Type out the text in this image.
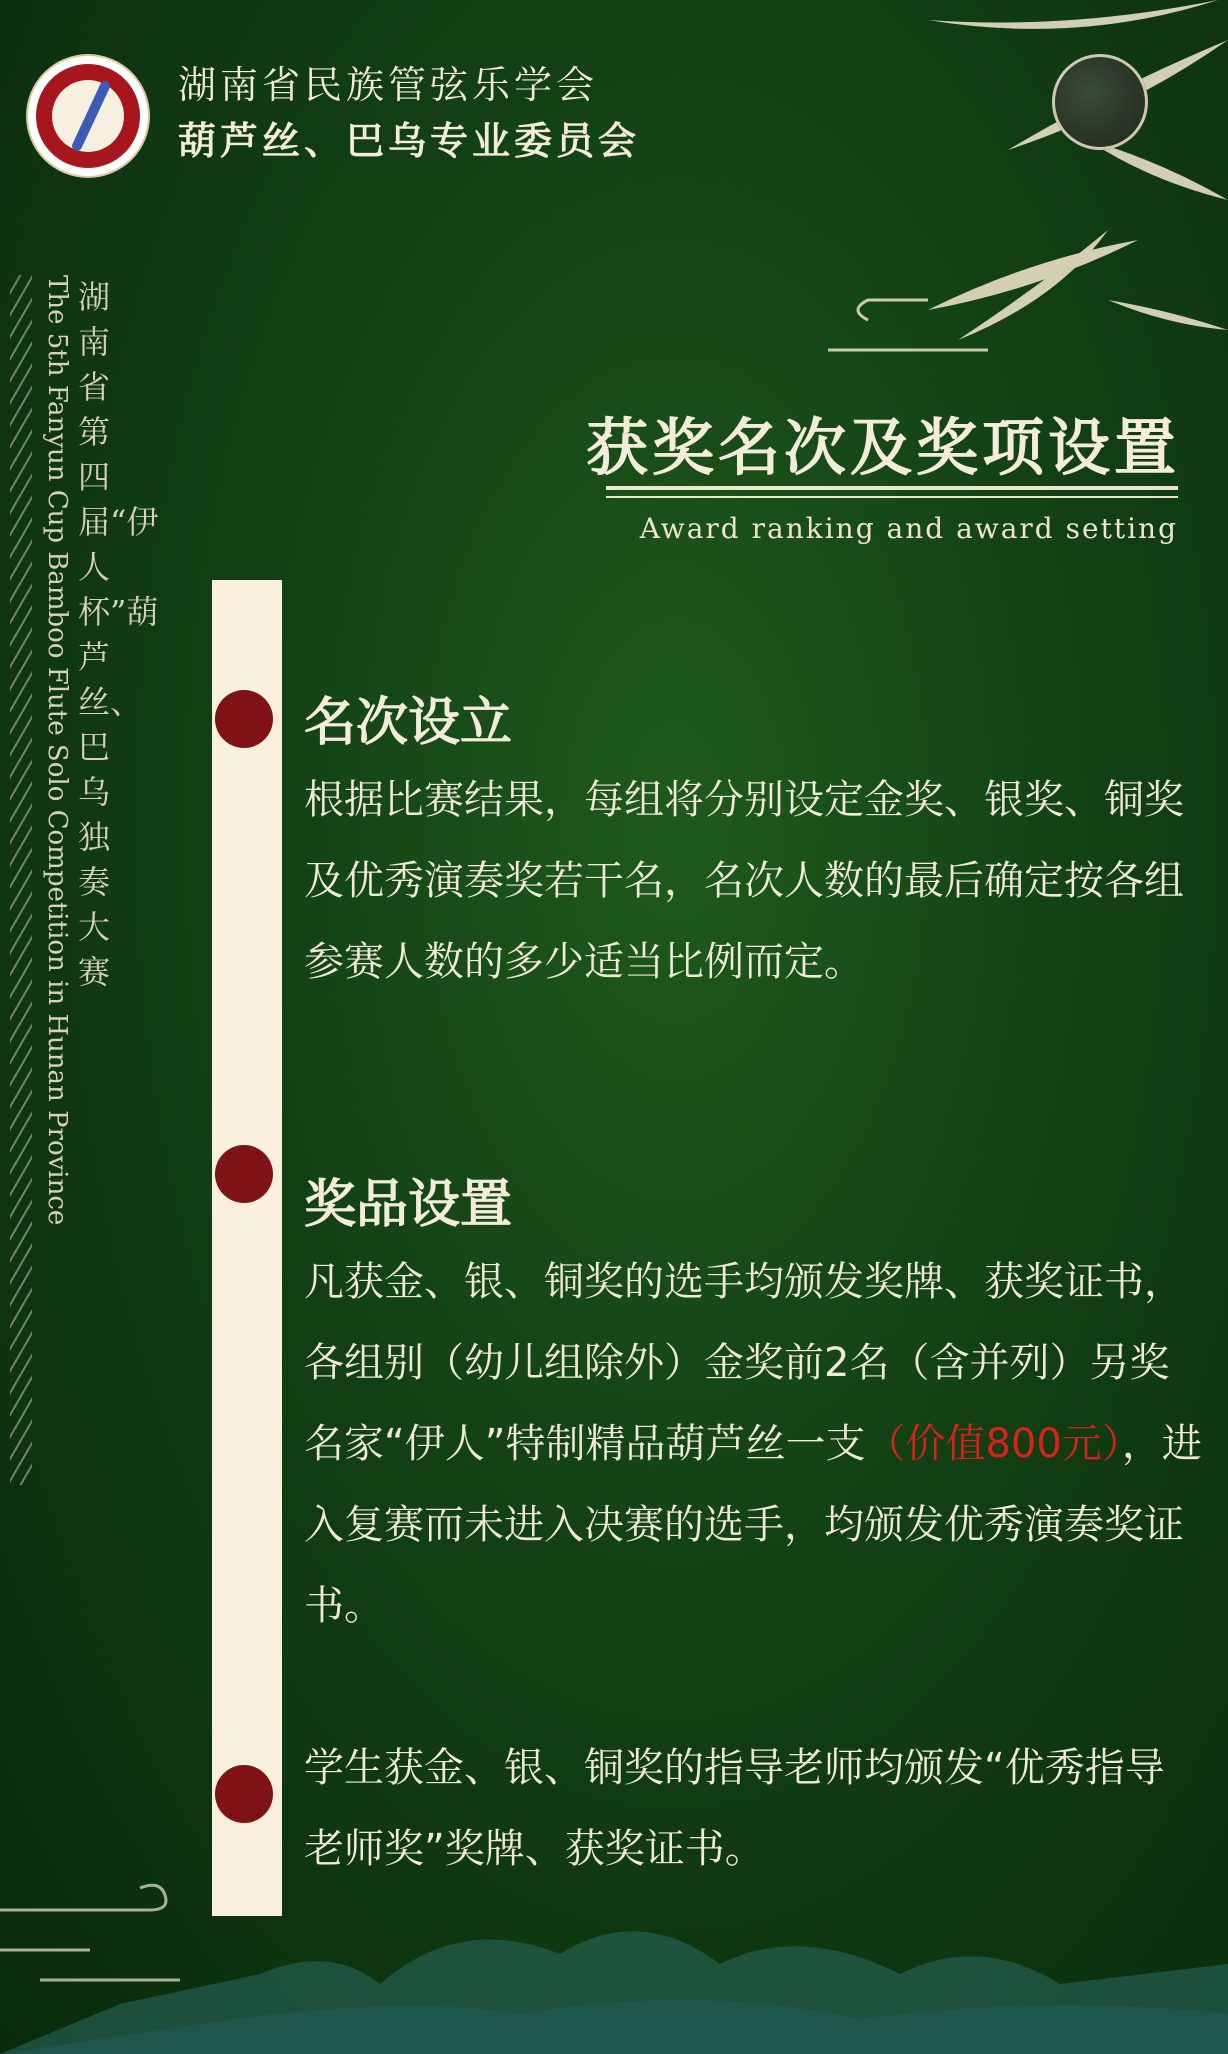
湖南省民族管弦乐学会
葫芦丝、巴乌专业委员会
The 5th Fanyun Cup Bamboo Flute Solo Competition in Hunan Province 湖南省第四届“伊人杯”葫芦丝、巴乌独奏大赛
获奖名次及奖项设置
Award ranking and award setting
名次设立
根据比赛结果，每组将分别设定金奖、银奖、铜奖及优秀演奏奖若干名，名次人数的最后确定按各组参赛人数的多少适当比例而定。
奖品设置
凡获金、银、铜奖的选手均颁发奖牌、获奖证书，各组别（幼儿组除外）金奖前2名（含并列）另奖名家“伊人”特制精品葫芦丝一支（价值800元），进入复赛而未进入决赛的选手，均颁发优秀演奏奖证书。
学生获金、银、铜奖的指导老师均颁发“优秀指导老师奖”奖牌、获奖证书。
